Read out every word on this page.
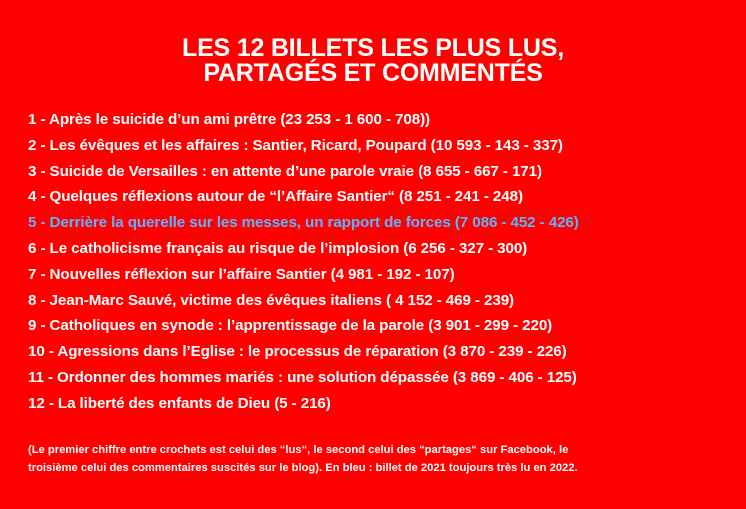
LES 12 BILLETS LES PLUS LUS,
PARTAGÉS ET COMMENTÉS
1 - Après le suicide d’un ami prêtre (23 253 - 1 600 - 708))
2 - Les évêques et les affaires : Santier, Ricard, Poupard (10 593 - 143 - 337)
3 - Suicide de Versailles : en attente d’une parole vraie (8 655 - 667 - 171)
4 - Quelques réflexions autour de “l’Affaire Santier“ (8 251 - 241 - 248)
5 - Derrière la querelle sur les messes, un rapport de forces (7 086 - 452 - 426)
6 - Le catholicisme français au risque de l’implosion (6 256 - 327 - 300)
7 - Nouvelles réflexion sur l’affaire Santier (4 981 - 192 - 107)
8 - Jean-Marc Sauvé, victime des évêques italiens ( 4 152 - 469 - 239)
9 - Catholiques en synode : l’apprentissage de la parole (3 901 - 299 - 220)
10 - Agressions dans l’Eglise : le processus de réparation (3 870 - 239 - 226)
11 - Ordonner des hommes mariés : une solution dépassée (3 869 - 406 - 125)
12 - La liberté des enfants de Dieu (5 - 216)
(Le premier chiffre entre crochets est celui des “lus“, le second celui des “partages“ sur Facebook, le
troisième celui des commentaires suscités sur le blog). En bleu : billet de 2021 toujours très lu en 2022.
